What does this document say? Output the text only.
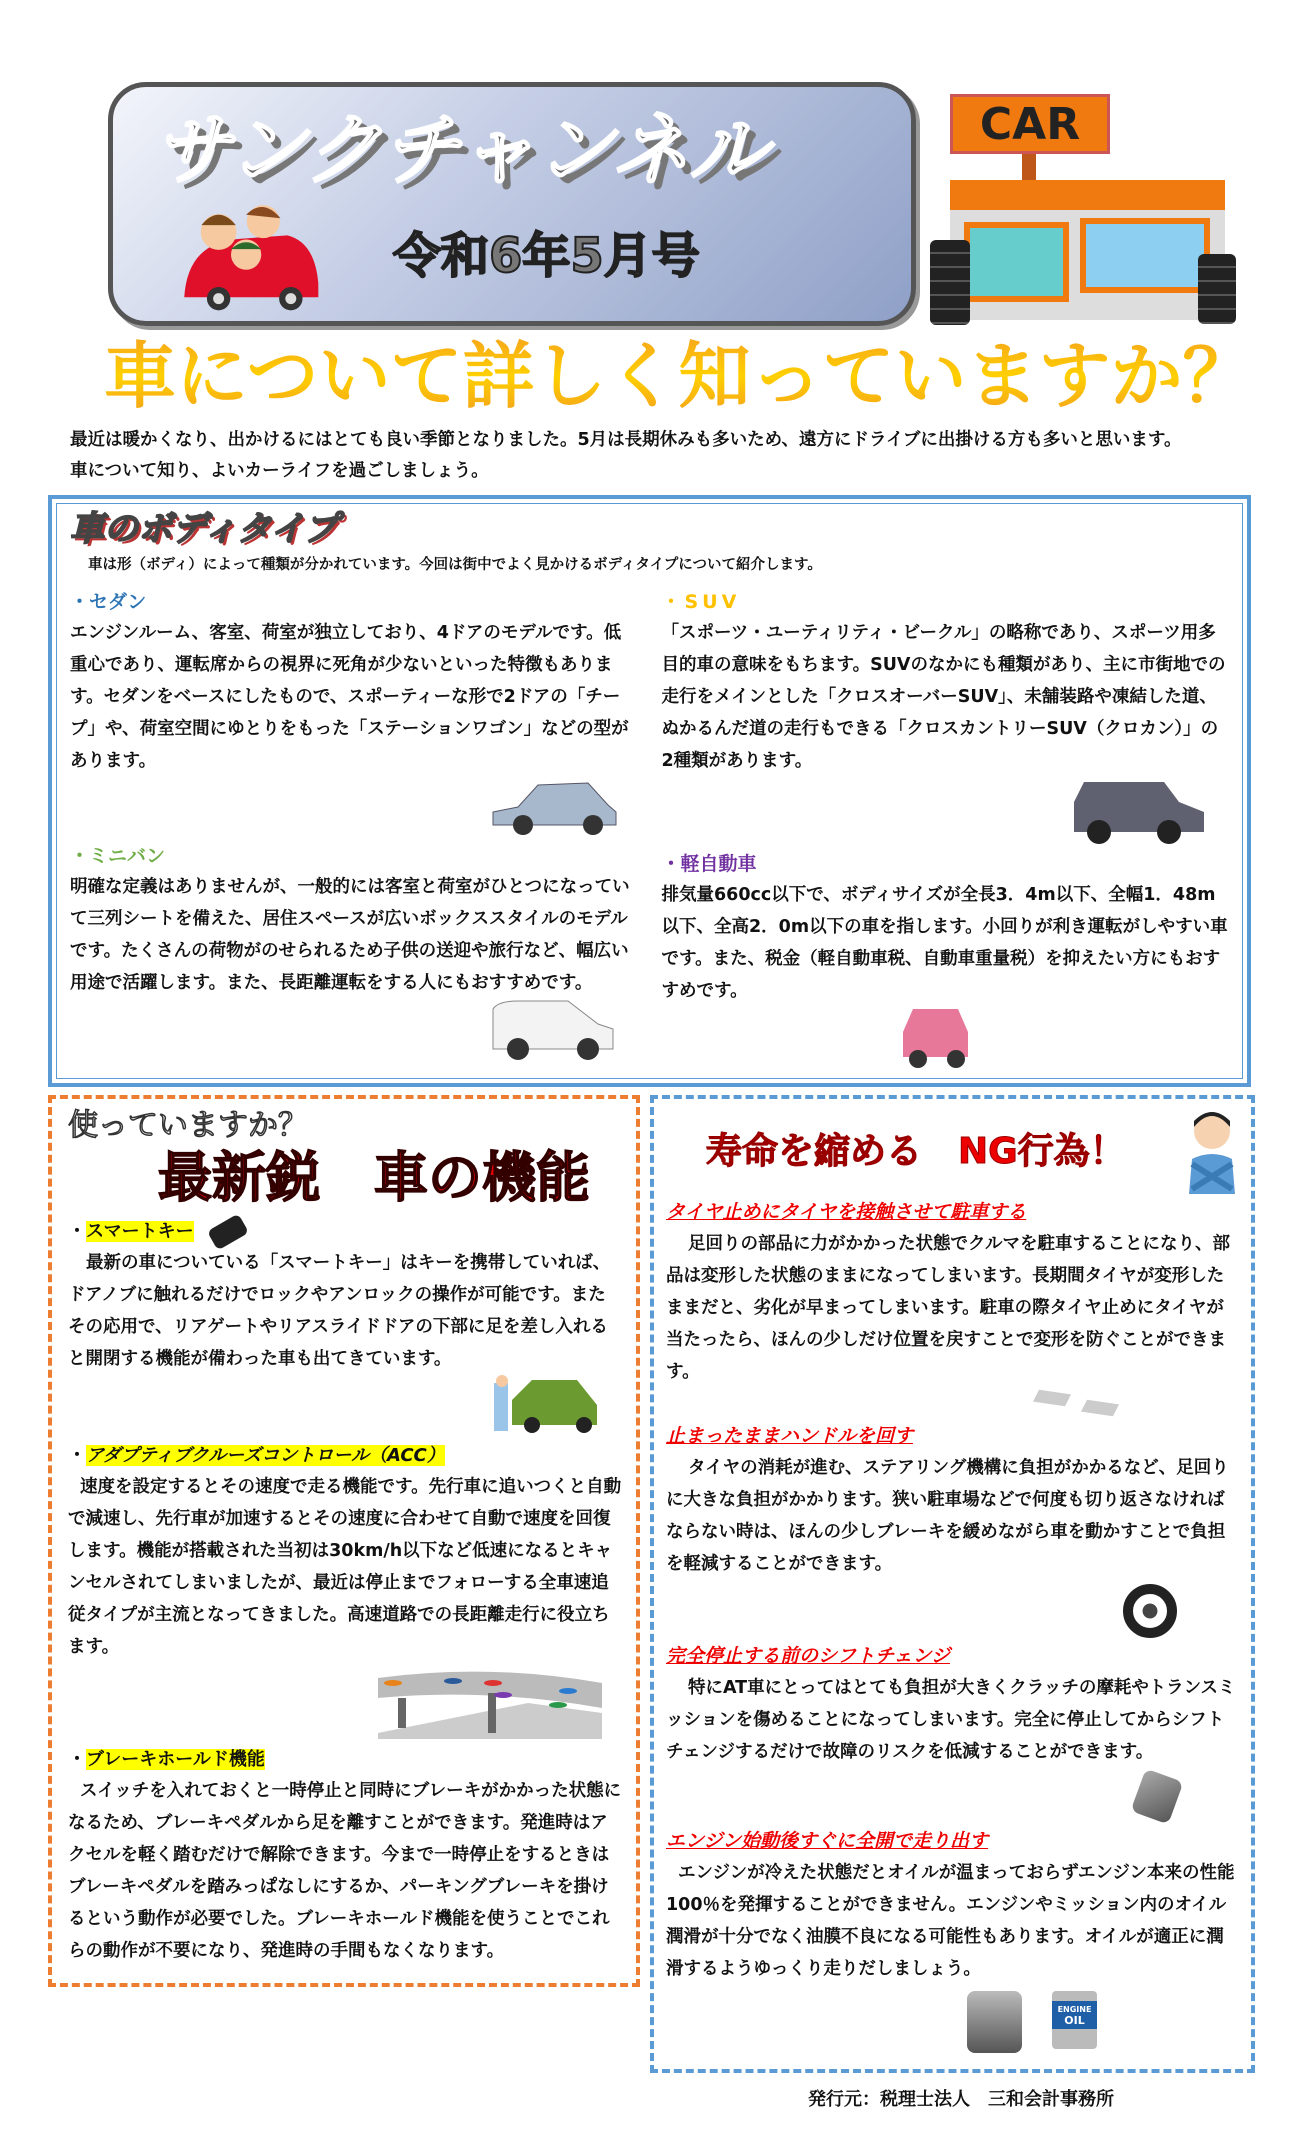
サンクチャンネル
令和6年5月号
CAR
車について詳しく知っていますか？
最近は暖かくなり、出かけるにはとても良い季節となりました。5月は長期休みも多いため、遠方にドライブに出掛ける方も多いと思います。
車について知り、よいカーライフを過ごしましょう。
車のボディタイプ
車は形（ボディ）によって種類が分かれています。今回は街中でよく見かけるボディタイプについて紹介します。
・セダン
エンジンルーム、客室、荷室が独立しており、4ドアのモデルです。低重心であり、運転席からの視界に死角が少ないといった特徴もあります。セダンをベースにしたもので、スポーティーな形で2ドアの「チープ」や、荷室空間にゆとりをもった「ステーションワゴン」などの型があります。
・ミニバン
明確な定義はありませんが、一般的には客室と荷室がひとつになっていて三列シートを備えた、居住スペースが広いボックススタイルのモデルです。たくさんの荷物がのせられるため子供の送迎や旅行など、幅広い用途で活躍します。また、長距離運転をする人にもおすすめです。
・SUV
「スポーツ・ユーティリティ・ビークル」の略称であり、スポーツ用多目的車の意味をもちます。SUVのなかにも種類があり、主に市街地での走行をメインとした「クロスオーバーSUV」、未舗装路や凍結した道、ぬかるんだ道の走行もできる「クロスカントリーSUV（クロカン）」の2種類があります。
・軽自動車
排気量660cc以下で、ボディサイズが全長3．4m以下、全幅1．48m以下、全高2．0m以下の車を指します。小回りが利き運転がしやすい車です。また、税金（軽自動車税、自動車重量税）を抑えたい方にもおすすめです。
使っていますか？
最新鋭　車の機能
・スマートキー
最新の車についている「スマートキー」はキーを携帯していれば、ドアノブに触れるだけでロックやアンロックの操作が可能です。またその応用で、リアゲートやリアスライドドアの下部に足を差し入れると開閉する機能が備わった車も出てきています。
・アダプティブクルーズコントロール（ACC）
速度を設定するとその速度で走る機能です。先行車に追いつくと自動で減速し、先行車が加速するとその速度に合わせて自動で速度を回復します。機能が搭載された当初は30km/h以下など低速になるとキャンセルされてしまいましたが、最近は停止までフォローする全車速追従タイプが主流となってきました。高速道路での長距離走行に役立ちます。
・ブレーキホールド機能
スイッチを入れておくと一時停止と同時にブレーキがかかった状態になるため、ブレーキペダルから足を離すことができます。発進時はアクセルを軽く踏むだけで解除できます。今まで一時停止をするときはブレーキペダルを踏みっぱなしにするか、パーキングブレーキを掛けるという動作が必要でした。ブレーキホールド機能を使うことでこれらの動作が不要になり、発進時の手間もなくなります。
寿命を縮める　NG行為！
タイヤ止めにタイヤを接触させて駐車する
足回りの部品に力がかかった状態でクルマを駐車することになり、部品は変形した状態のままになってしまいます。長期間タイヤが変形したままだと、劣化が早まってしまいます。駐車の際タイヤ止めにタイヤが当たったら、ほんの少しだけ位置を戻すことで変形を防ぐことができます。
止まったままハンドルを回す
タイヤの消耗が進む、ステアリング機構に負担がかかるなど、足回りに大きな負担がかかります。狭い駐車場などで何度も切り返さなければならない時は、ほんの少しブレーキを緩めながら車を動かすことで負担を軽減することができます。
完全停止する前のシフトチェンジ
特にAT車にとってはとても負担が大きくクラッチの摩耗やトランスミッションを傷めることになってしまいます。完全に停止してからシフトチェンジするだけで故障のリスクを低減することができます。
エンジン始動後すぐに全開で走り出す
エンジンが冷えた状態だとオイルが温まっておらずエンジン本来の性能100％を発揮することができません。エンジンやミッション内のオイル潤滑が十分でなく油膜不良になる可能性もあります。オイルが適正に潤滑するようゆっくり走りだしましょう。
ENGINE
OIL
発行元：税理士法人　三和会計事務所
